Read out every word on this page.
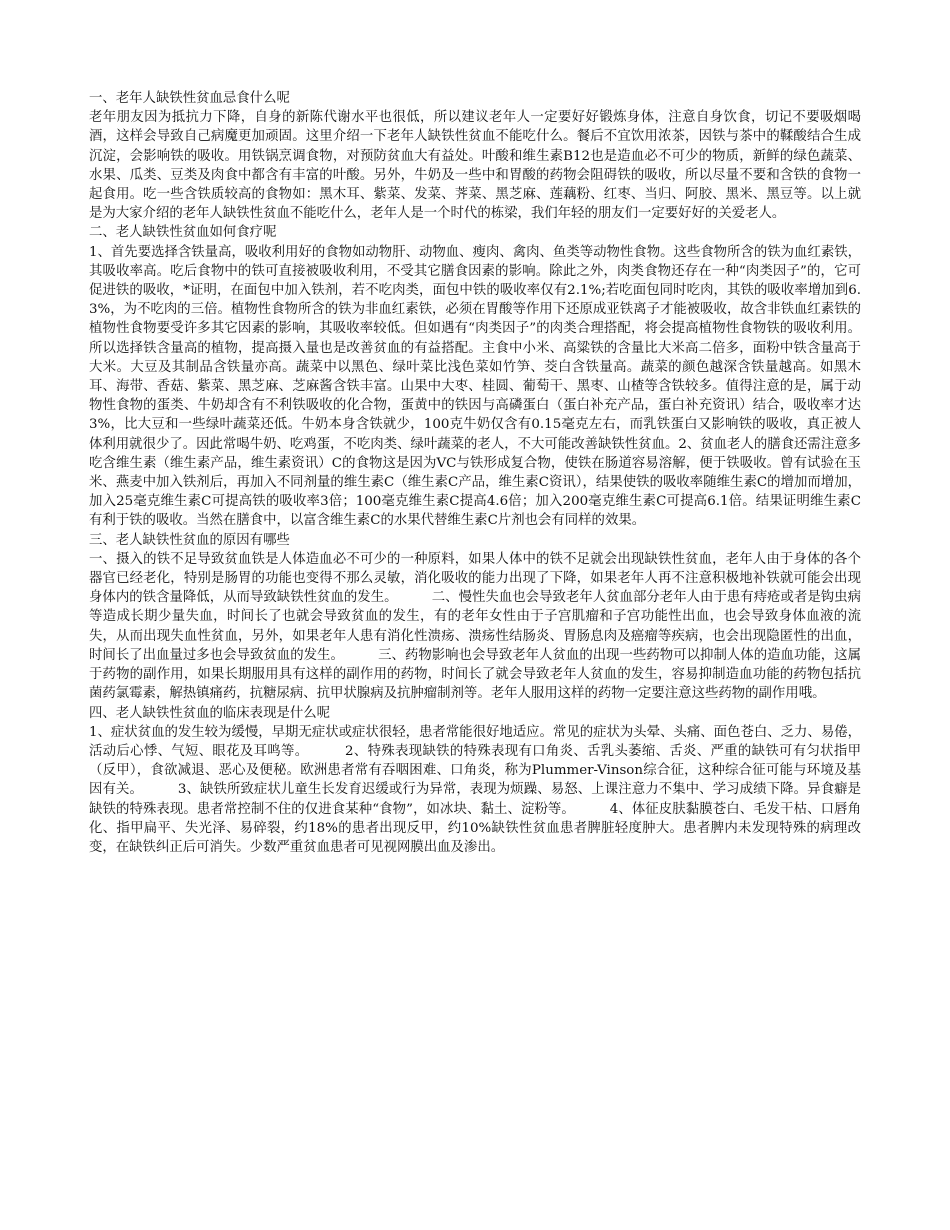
一、老年人缺铁性贫血忌食什么呢

老年朋友因为抵抗力下降，自身的新陈代谢水平也很低，所以建议老年人一定要好好锻炼身体，注意自身饮食，切记不要吸烟喝酒，这样会导致自己病魔更加顽固。这里介绍一下老年人缺铁性贫血不能吃什么。餐后不宜饮用浓茶，因铁与茶中的鞣酸结合生成沉淀，会影响铁的吸收。用铁锅烹调食物，对预防贫血大有益处。叶酸和维生素B12也是造血必不可少的物质，新鲜的绿色蔬菜、水果、瓜类、豆类及肉食中都含有丰富的叶酸。另外，牛奶及一些中和胃酸的药物会阻碍铁的吸收，所以尽量不要和含铁的食物一起食用。吃一些含铁质较高的食物如：黑木耳、紫菜、发菜、荠菜、黑芝麻、莲藕粉、红枣、当归、阿胶、黑米、黑豆等。以上就是为大家介绍的老年人缺铁性贫血不能吃什么，老年人是一个时代的栋梁，我们年轻的朋友们一定要好好的关爱老人。

二、老人缺铁性贫血如何食疗呢

1、首先要选择含铁量高，吸收利用好的食物如动物肝、动物血、瘦肉、禽肉、鱼类等动物性食物。这些食物所含的铁为血红素铁，其吸收率高。吃后食物中的铁可直接被吸收利用，不受其它膳食因素的影响。除此之外，肉类食物还存在一种“肉类因子”的，它可促进铁的吸收，*证明，在面包中加入铁剂，若不吃肉类，面包中铁的吸收率仅有2.1%;若吃面包同时吃肉，其铁的吸收率增加到6.3%，为不吃肉的三倍。植物性食物所含的铁为非血红素铁，必须在胃酸等作用下还原成亚铁离子才能被吸收，故含非铁血红素铁的植物性食物要受许多其它因素的影响，其吸收率较低。但如遇有“肉类因子”的肉类合理搭配，将会提高植物性食物铁的吸收利用。所以选择铁含量高的植物，提高摄入量也是改善贫血的有益搭配。主食中小米、高粱铁的含量比大米高二倍多，面粉中铁含量高于大米。大豆及其制品含铁量亦高。蔬菜中以黑色、绿叶菜比浅色菜如竹笋、茭白含铁量高。蔬菜的颜色越深含铁量越高。如黑木耳、海带、香菇、紫菜、黑芝麻、芝麻酱含铁丰富。山果中大枣、桂圆、葡萄干、黑枣、山楂等含铁较多。值得注意的是，属于动物性食物的蛋类、牛奶却含有不利铁吸收的化合物，蛋黄中的铁因与高磷蛋白（蛋白补充产品，蛋白补充资讯）结合，吸收率才达3%，比大豆和一些绿叶蔬菜还低。牛奶本身含铁就少，100克牛奶仅含有0.15毫克左右，而乳铁蛋白又影响铁的吸收，真正被人体利用就很少了。因此常喝牛奶、吃鸡蛋，不吃肉类、绿叶蔬菜的老人，不大可能改善缺铁性贫血。2、贫血老人的膳食还需注意多吃含维生素（维生素产品，维生素资讯）C的食物这是因为VC与铁形成复合物，使铁在肠道容易溶解，便于铁吸收。曾有试验在玉米、燕麦中加入铁剂后，再加入不同剂量的维生素C（维生素C产品，维生素C资讯），结果使铁的吸收率随维生素C的增加而增加，加入25毫克维生素C可提高铁的吸收率3倍；100毫克维生素C提高4.6倍；加入200毫克维生素C可提高6.1倍。结果证明维生素C有利于铁的吸收。当然在膳食中，以富含维生素C的水果代替维生素C片剂也会有同样的效果。

三、老人缺铁性贫血的原因有哪些

一、摄入的铁不足导致贫血铁是人体造血必不可少的一种原料，如果人体中的铁不足就会出现缺铁性贫血，老年人由于身体的各个器官已经老化，特别是肠胃的功能也变得不那么灵敏，消化吸收的能力出现了下降，如果老年人再不注意积极地补铁就可能会出现身体内的铁含量降低，从而导致缺铁性贫血的发生。        二、慢性失血也会导致老年人贫血部分老年人由于患有痔疮或者是钩虫病等造成长期少量失血，时间长了也就会导致贫血的发生，有的老年女性由于子宫肌瘤和子宫功能性出血，也会导致身体血液的流失，从而出现失血性贫血，另外，如果老年人患有消化性溃疡、溃疡性结肠炎、胃肠息肉及癌瘤等疾病，也会出现隐匿性的出血，时间长了出血量过多也会导致贫血的发生。        三、药物影响也会导致老年人贫血的出现一些药物可以抑制人体的造血功能，这属于药物的副作用，如果长期服用具有这样的副作用的药物，时间长了就会导致老年人贫血的发生，容易抑制造血功能的药物包括抗菌药氯霉素，解热镇痛药，抗糖尿病、抗甲状腺病及抗肿瘤制剂等。老年人服用这样的药物一定要注意这些药物的副作用哦。

四、老人缺铁性贫血的临床表现是什么呢

1、症状贫血的发生较为缓慢，早期无症状或症状很轻，患者常能很好地适应。常见的症状为头晕、头痛、面色苍白、乏力、易倦，活动后心悸、气短、眼花及耳鸣等。        2、特殊表现缺铁的特殊表现有口角炎、舌乳头萎缩、舌炎、严重的缺铁可有匀状指甲（反甲），食欲减退、恶心及便秘。欧洲患者常有吞咽困难、口角炎，称为Plummer-Vinson综合征，这种综合征可能与环境及基因有关。        3、缺铁所致症状儿童生长发育迟缓或行为异常，表现为烦躁、易怒、上课注意力不集中、学习成绩下降。异食癖是缺铁的特殊表现。患者常控制不住的仅进食某种“食物”，如冰块、黏土、淀粉等。        4、体征皮肤黏膜苍白、毛发干枯、口唇角化、指甲扁平、失光泽、易碎裂，约18%的患者出现反甲，约10%缺铁性贫血患者脾脏轻度肿大。患者脾内未发现特殊的病理改变，在缺铁纠正后可消失。少数严重贫血患者可见视网膜出血及渗出。
